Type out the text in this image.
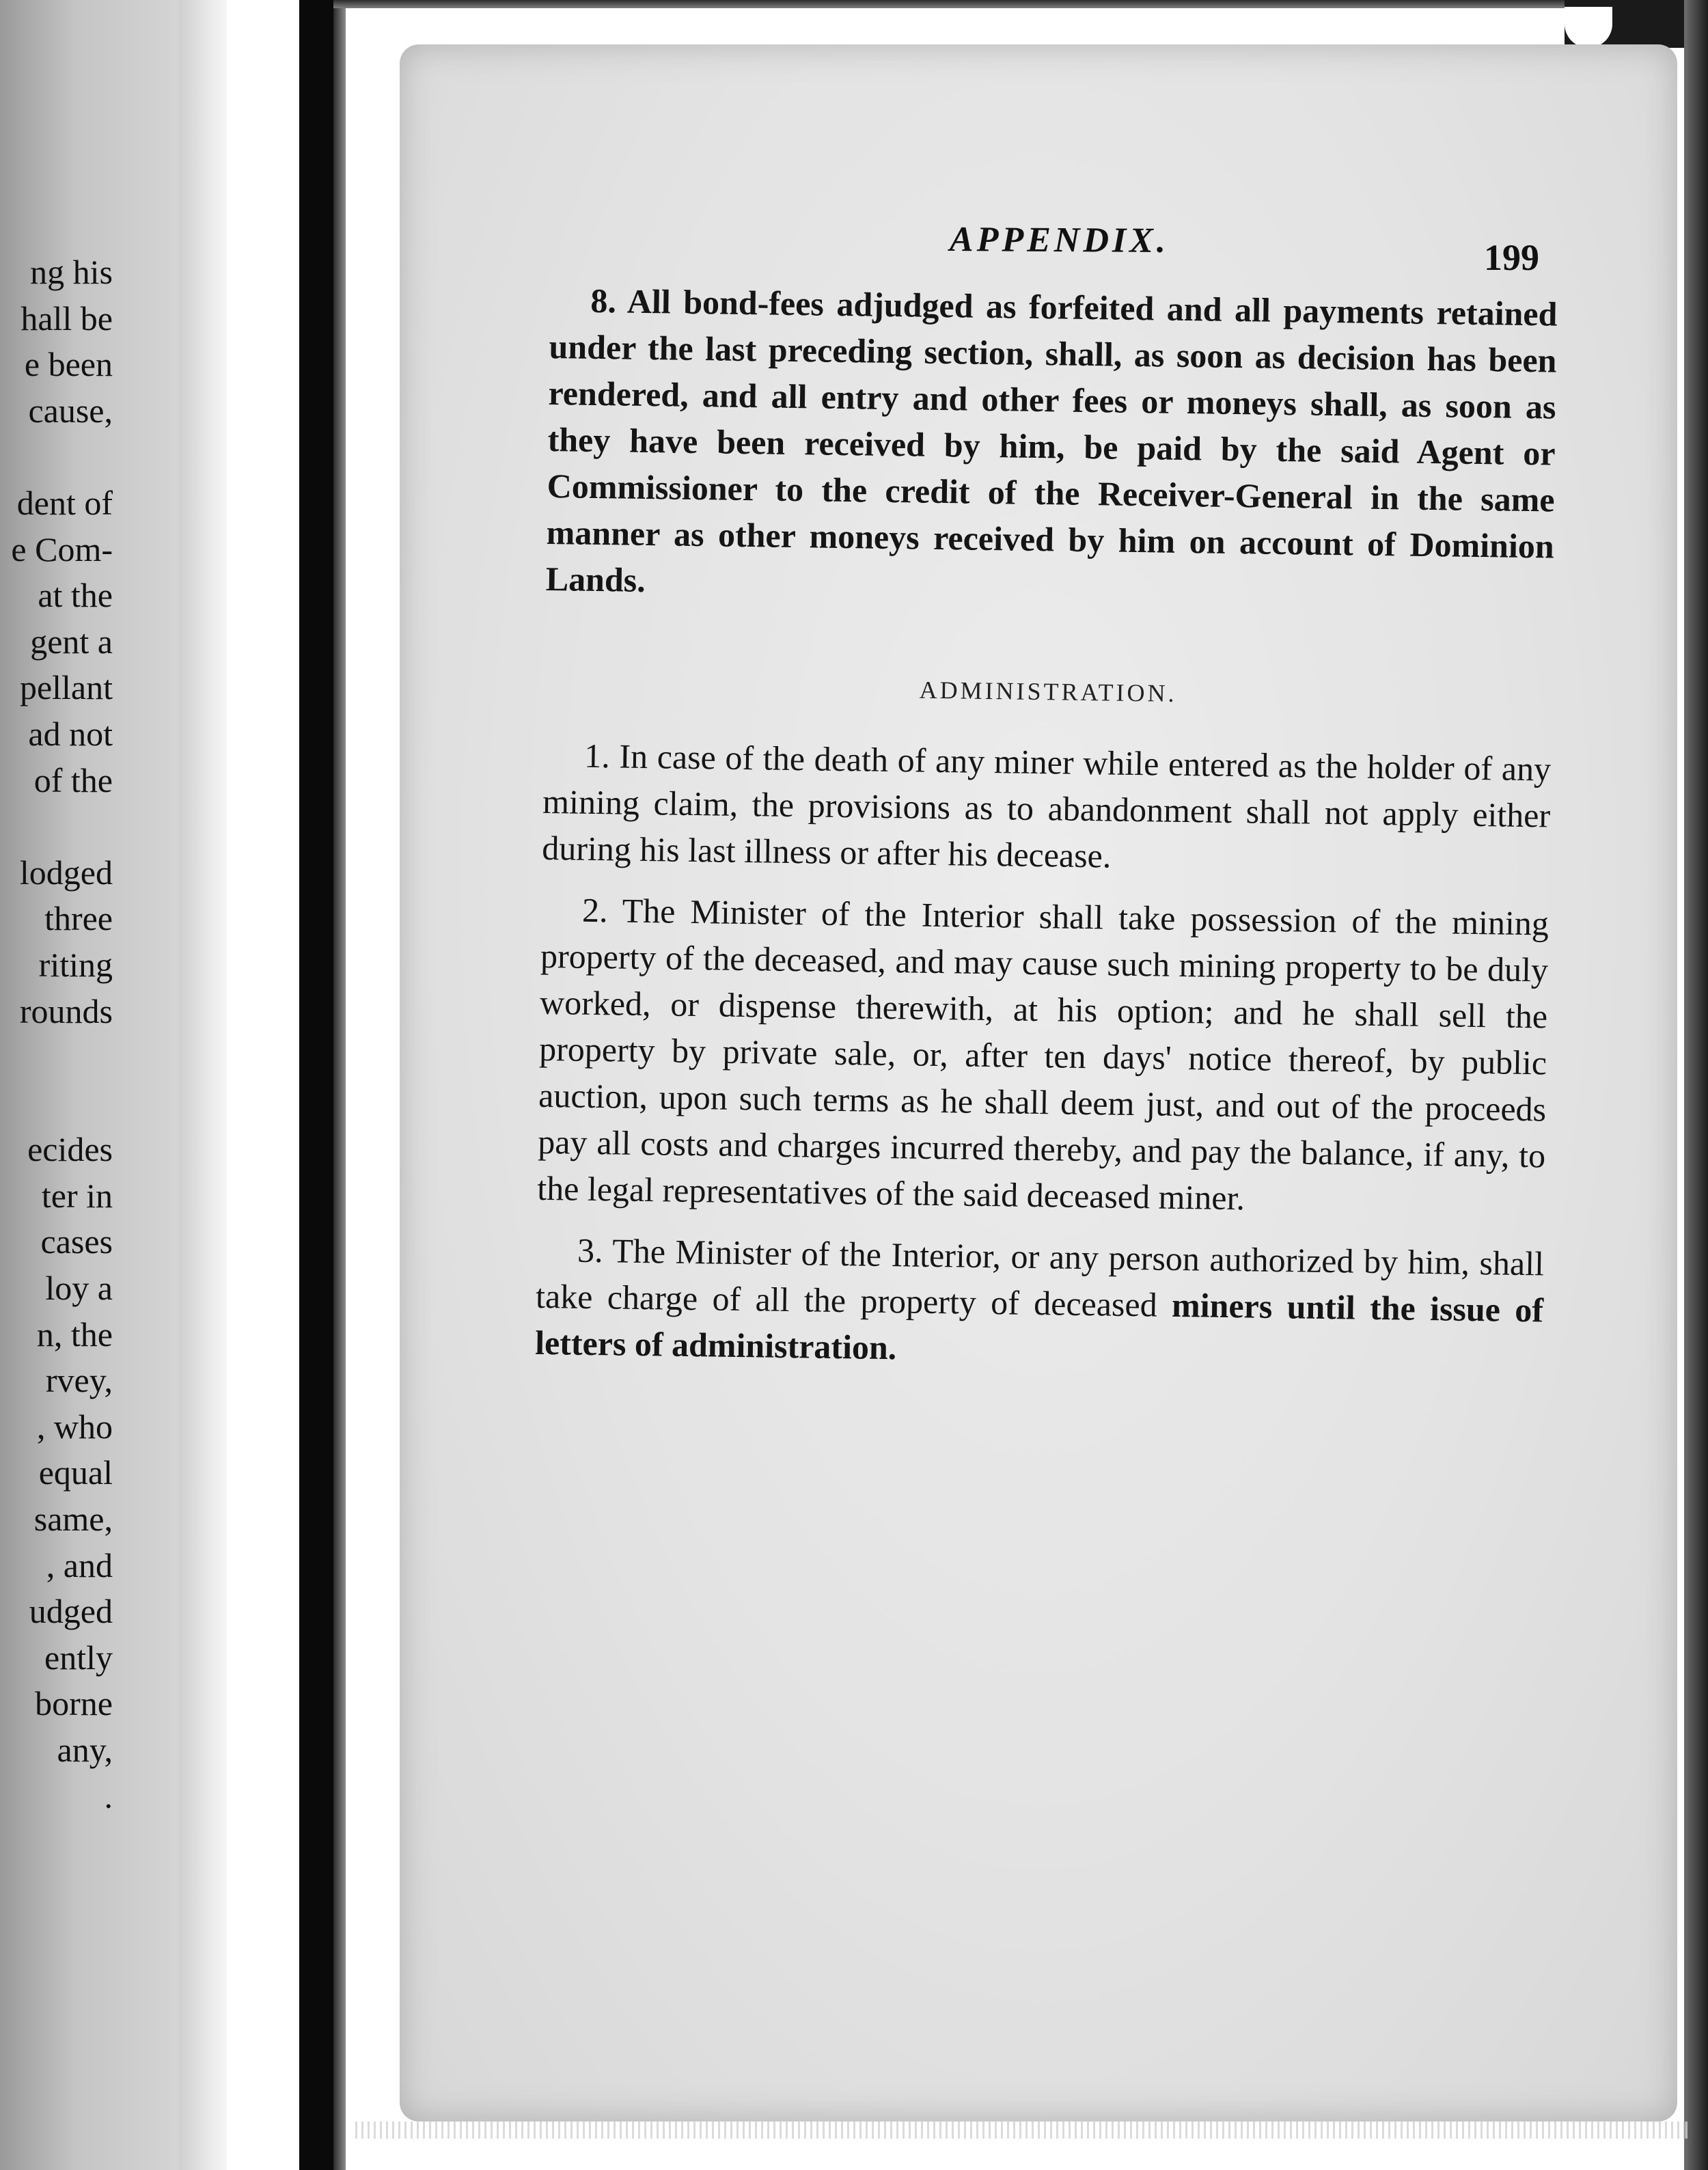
ng his
hall be
e been
cause,
dent of
e Com-
at the
gent a
pellant
ad not
of the
lodged
three
riting
rounds
ecides
ter in
cases
loy a
n, the
rvey,
, who
equal
same,
, and
udged
ently
borne
any,
.
APPENDIX.	199
8. All bond-fees adjudged as forfeited and all payments retained under the last preceding section, shall, as soon as decision has been rendered, and all entry and other fees or moneys shall, as soon as they have been received by him, be paid by the said Agent or Commissioner to the credit of the Receiver-General in the same manner as other moneys received by him on account of Dominion Lands.
ADMINISTRATION.
1. In case of the death of any miner while entered as the holder of any mining claim, the provisions as to abandonment shall not apply either during his last illness or after his decease.
2. The Minister of the Interior shall take possession of the mining property of the deceased, and may cause such mining property to be duly worked, or dispense therewith, at his option; and he shall sell the property by private sale, or, after ten days' notice thereof, by public auction, upon such terms as he shall deem just, and out of the proceeds pay all costs and charges incurred thereby, and pay the balance, if any, to the legal representatives of the said deceased miner.
3. The Minister of the Interior, or any person authorized by him, shall take charge of all the property of deceased miners until the issue of letters of administration.
